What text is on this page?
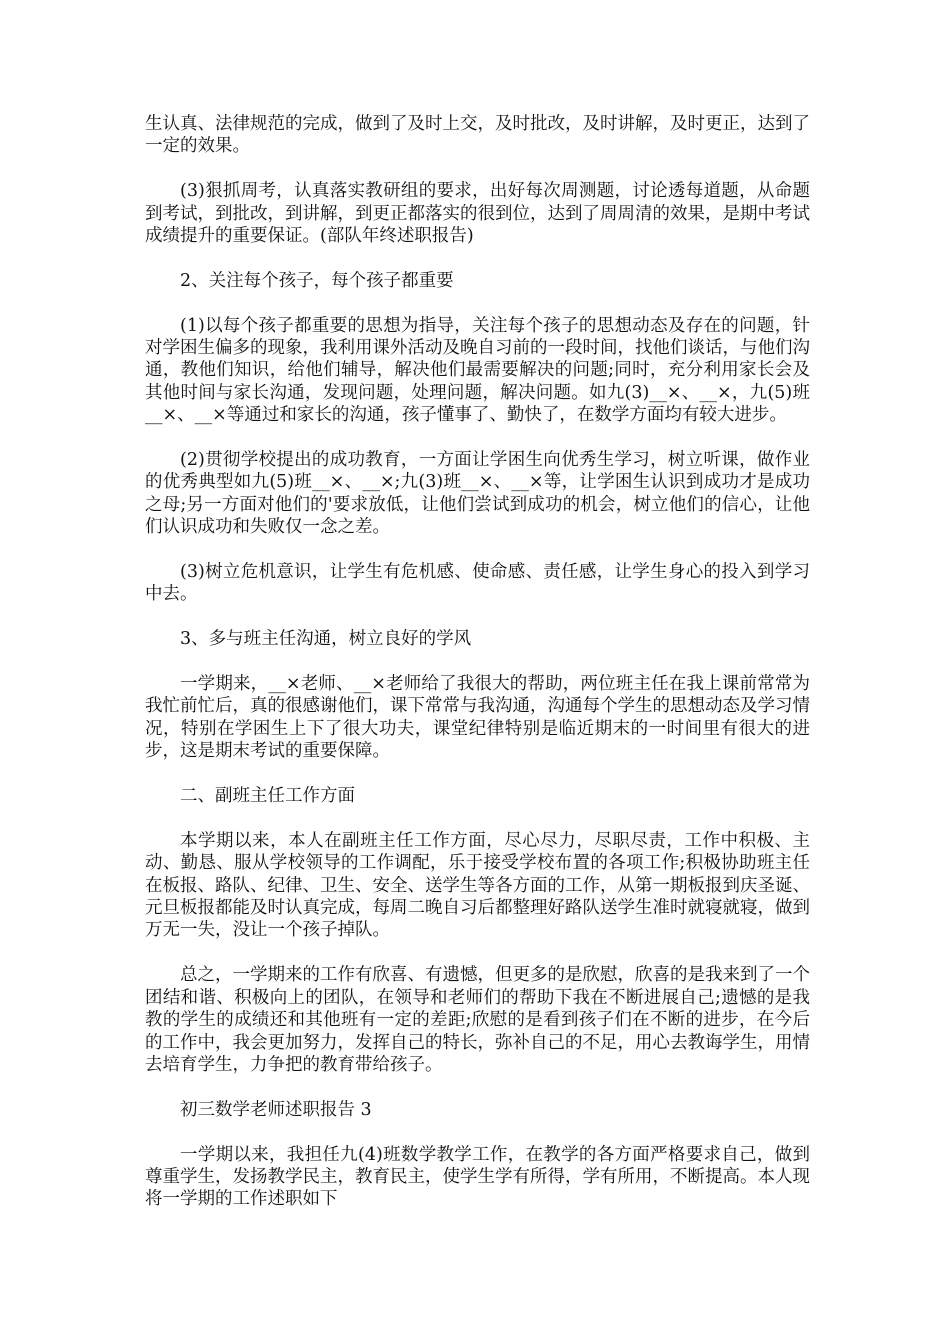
生认真、法律规范的完成，做到了及时上交，及时批改，及时讲解，及时更正，达到了一定的效果。

(3)狠抓周考，认真落实教研组的要求，出好每次周测题，讨论透每道题，从命题到考试，到批改，到讲解，到更正都落实的很到位，达到了周周清的效果，是期中考试成绩提升的重要保证。(部队年终述职报告)

2、关注每个孩子，每个孩子都重要

(1)以每个孩子都重要的思想为指导，关注每个孩子的思想动态及存在的问题，针对学困生偏多的现象，我利用课外活动及晚自习前的一段时间，找他们谈话，与他们沟通，教他们知识，给他们辅导，解决他们最需要解决的问题;同时，充分利用家长会及其他时间与家长沟通，发现问题，处理问题，解决问题。如九(3)__×、__×，九(5)班__×、__×等通过和家长的沟通，孩子懂事了、勤快了，在数学方面均有较大进步。

(2)贯彻学校提出的成功教育，一方面让学困生向优秀生学习，树立听课，做作业的优秀典型如九(5)班__×、__×;九(3)班__×、__×等，让学困生认识到成功才是成功之母;另一方面对他们的'要求放低，让他们尝试到成功的机会，树立他们的信心，让他们认识成功和失败仅一念之差。

(3)树立危机意识，让学生有危机感、使命感、责任感，让学生身心的投入到学习中去。

3、多与班主任沟通，树立良好的学风

一学期来，__×老师、__×老师给了我很大的帮助，两位班主任在我上课前常常为我忙前忙后，真的很感谢他们，课下常常与我沟通，沟通每个学生的思想动态及学习情况，特别在学困生上下了很大功夫，课堂纪律特别是临近期末的一时间里有很大的进步，这是期末考试的重要保障。

二、副班主任工作方面

本学期以来，本人在副班主任工作方面，尽心尽力，尽职尽责，工作中积极、主动、勤恳、服从学校领导的工作调配，乐于接受学校布置的各项工作;积极协助班主任在板报、路队、纪律、卫生、安全、送学生等各方面的工作，从第一期板报到庆圣诞、元旦板报都能及时认真完成，每周二晚自习后都整理好路队送学生准时就寝就寝，做到万无一失，没让一个孩子掉队。

总之，一学期来的工作有欣喜、有遗憾，但更多的是欣慰，欣喜的是我来到了一个团结和谐、积极向上的团队，在领导和老师们的帮助下我在不断进展自己;遗憾的是我教的学生的成绩还和其他班有一定的差距;欣慰的是看到孩子们在不断的进步，在今后的工作中，我会更加努力，发挥自己的特长，弥补自己的不足，用心去教诲学生，用情去培育学生，力争把的教育带给孩子。

初三数学老师述职报告 3

一学期以来，我担任九(4)班数学教学工作，在教学的各方面严格要求自己，做到尊重学生，发扬教学民主，教育民主，使学生学有所得，学有所用，不断提高。本人现将一学期的工作述职如下
